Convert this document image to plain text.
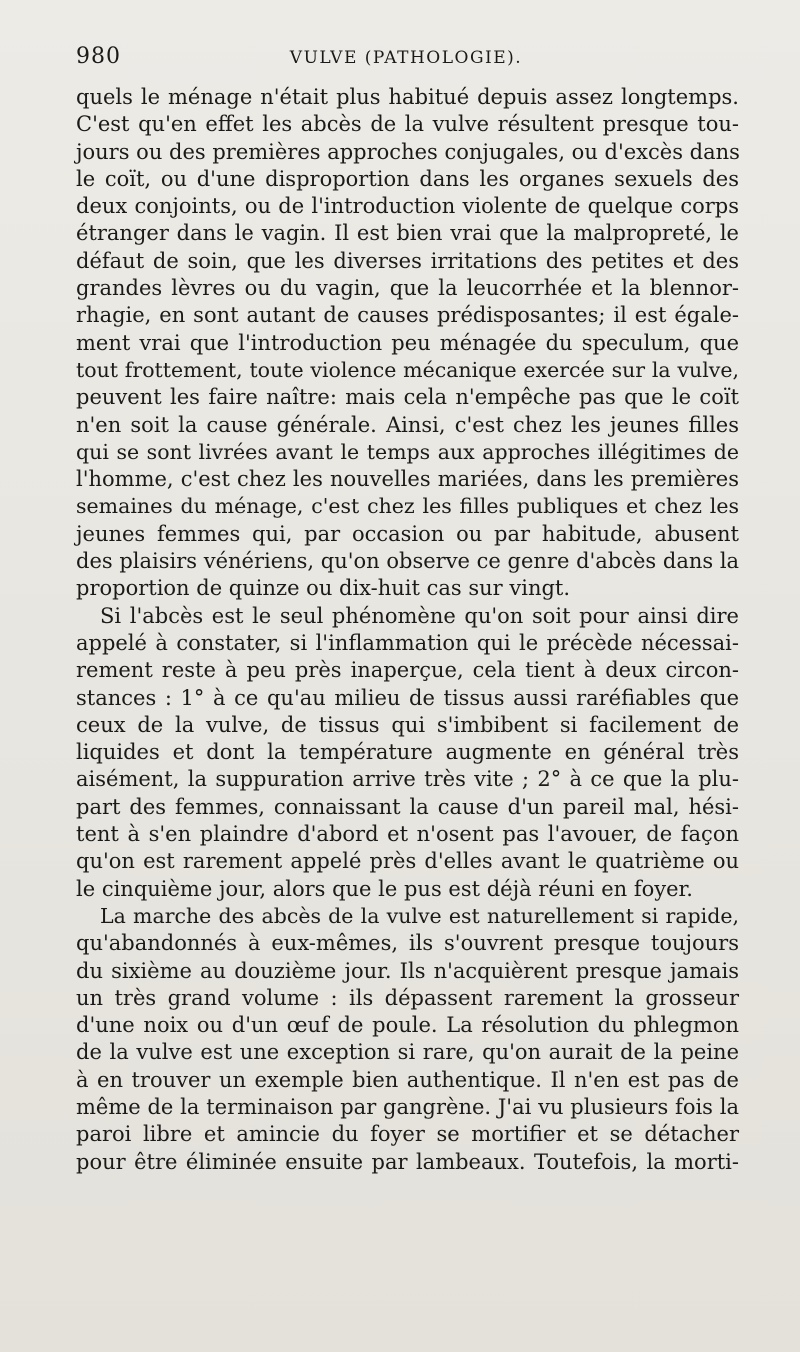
980	VULVE (PATHOLOGIE).
quels le ménage n'était plus habitué depuis assez longtemps.
C'est qu'en effet les abcès de la vulve résultent presque tou-
jours ou des premières approches conjugales, ou d'excès dans
le coït, ou d'une disproportion dans les organes sexuels des
deux conjoints, ou de l'introduction violente de quelque corps
étranger dans le vagin. Il est bien vrai que la malpropreté, le
défaut de soin, que les diverses irritations des petites et des
grandes lèvres ou du vagin, que la leucorrhée et la blennor-
rhagie, en sont autant de causes prédisposantes; il est égale-
ment vrai que l'introduction peu ménagée du speculum, que
tout frottement, toute violence mécanique exercée sur la vulve,
peuvent les faire naître: mais cela n'empêche pas que le coït
n'en soit la cause générale. Ainsi, c'est chez les jeunes filles
qui se sont livrées avant le temps aux approches illégitimes de
l'homme, c'est chez les nouvelles mariées, dans les premières
semaines du ménage, c'est chez les filles publiques et chez les
jeunes femmes qui, par occasion ou par habitude, abusent
des plaisirs vénériens, qu'on observe ce genre d'abcès dans la
proportion de quinze ou dix-huit cas sur vingt.
Si l'abcès est le seul phénomène qu'on soit pour ainsi dire
appelé à constater, si l'inflammation qui le précède nécessai-
rement reste à peu près inaperçue, cela tient à deux circon-
stances : 1° à ce qu'au milieu de tissus aussi raréfiables que
ceux de la vulve, de tissus qui s'imbibent si facilement de
liquides et dont la température augmente en général très
aisément, la suppuration arrive très vite ; 2° à ce que la plu-
part des femmes, connaissant la cause d'un pareil mal, hési-
tent à s'en plaindre d'abord et n'osent pas l'avouer, de façon
qu'on est rarement appelé près d'elles avant le quatrième ou
le cinquième jour, alors que le pus est déjà réuni en foyer.
La marche des abcès de la vulve est naturellement si rapide,
qu'abandonnés à eux-mêmes, ils s'ouvrent presque toujours
du sixième au douzième jour. Ils n'acquièrent presque jamais
un très grand volume : ils dépassent rarement la grosseur
d'une noix ou d'un œuf de poule. La résolution du phlegmon
de la vulve est une exception si rare, qu'on aurait de la peine
à en trouver un exemple bien authentique. Il n'en est pas de
même de la terminaison par gangrène. J'ai vu plusieurs fois la
paroi libre et amincie du foyer se mortifier et se détacher
pour être éliminée ensuite par lambeaux. Toutefois, la morti-
